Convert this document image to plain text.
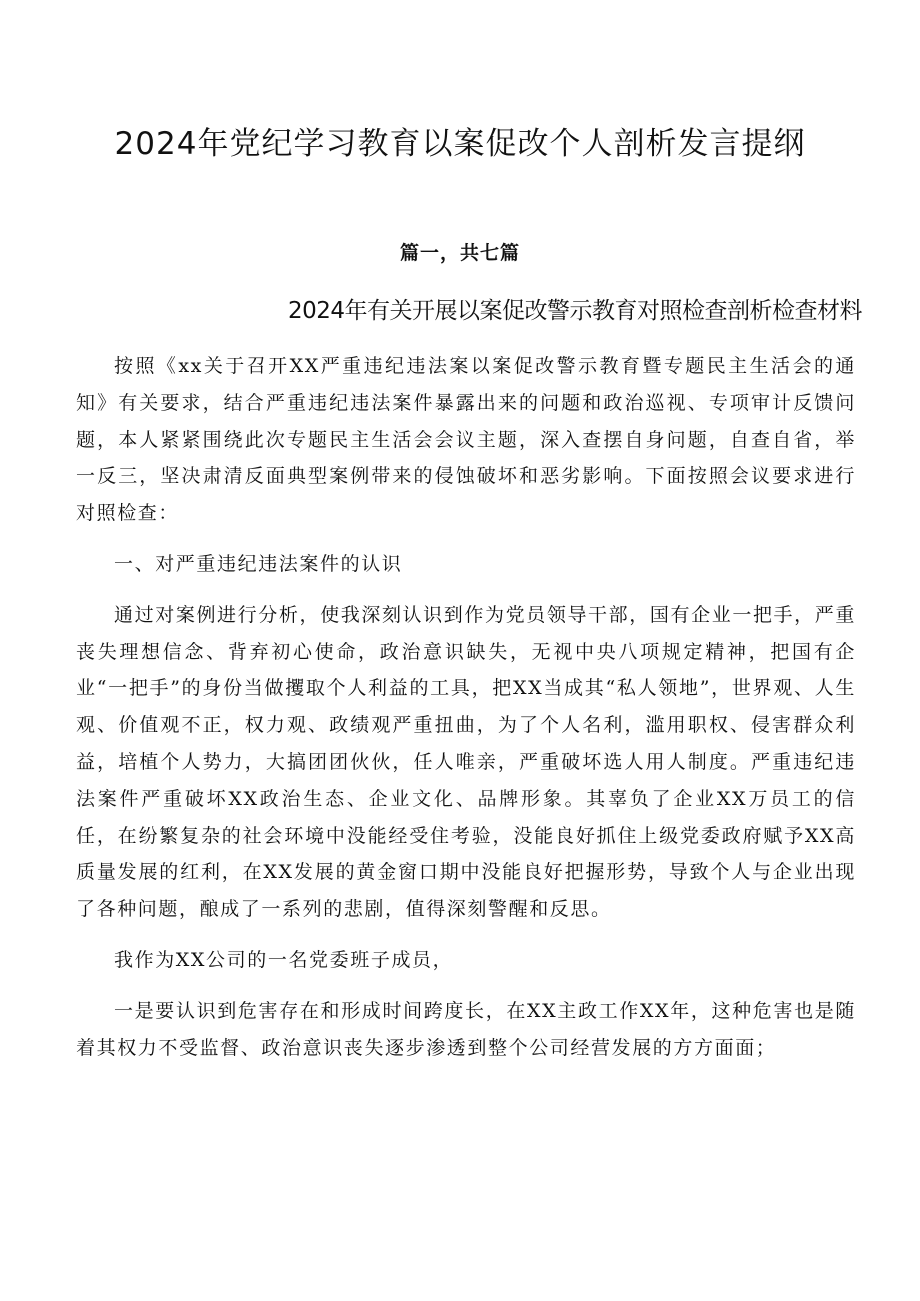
2024年党纪学习教育以案促改个人剖析发言提纲
篇一，共七篇
2024年有关开展以案促改警示教育对照检查剖析检查材料

按照《xx关于召开XX严重违纪违法案以案促改警示教育暨专题民主生活会的通知》有关要求，结合严重违纪违法案件暴露出来的问题和政治巡视、专项审计反馈问题，本人紧紧围绕此次专题民主生活会会议主题，深入查摆自身问题，自查自省，举一反三，坚决肃清反面典型案例带来的侵蚀破坏和恶劣影响。下面按照会议要求进行对照检查：

一、对严重违纪违法案件的认识

通过对案例进行分析，使我深刻认识到作为党员领导干部，国有企业一把手，严重丧失理想信念、背弃初心使命，政治意识缺失，无视中央八项规定精神，把国有企业“一把手”的身份当做攫取个人利益的工具，把XX当成其“私人领地”，世界观、人生观、价值观不正，权力观、政绩观严重扭曲，为了个人名利，滥用职权、侵害群众利益，培植个人势力，大搞团团伙伙，任人唯亲，严重破坏选人用人制度。严重违纪违法案件严重破坏XX政治生态、企业文化、品牌形象。其辜负了企业XX万员工的信任，在纷繁复杂的社会环境中没能经受住考验，没能良好抓住上级党委政府赋予XX高质量发展的红利，在XX发展的黄金窗口期中没能良好把握形势，导致个人与企业出现了各种问题，酿成了一系列的悲剧，值得深刻警醒和反思。

我作为XX公司的一名党委班子成员，

一是要认识到危害存在和形成时间跨度长，在XX主政工作XX年，这种危害也是随着其权力不受监督、政治意识丧失逐步渗透到整个公司经营发展的方方面面；
